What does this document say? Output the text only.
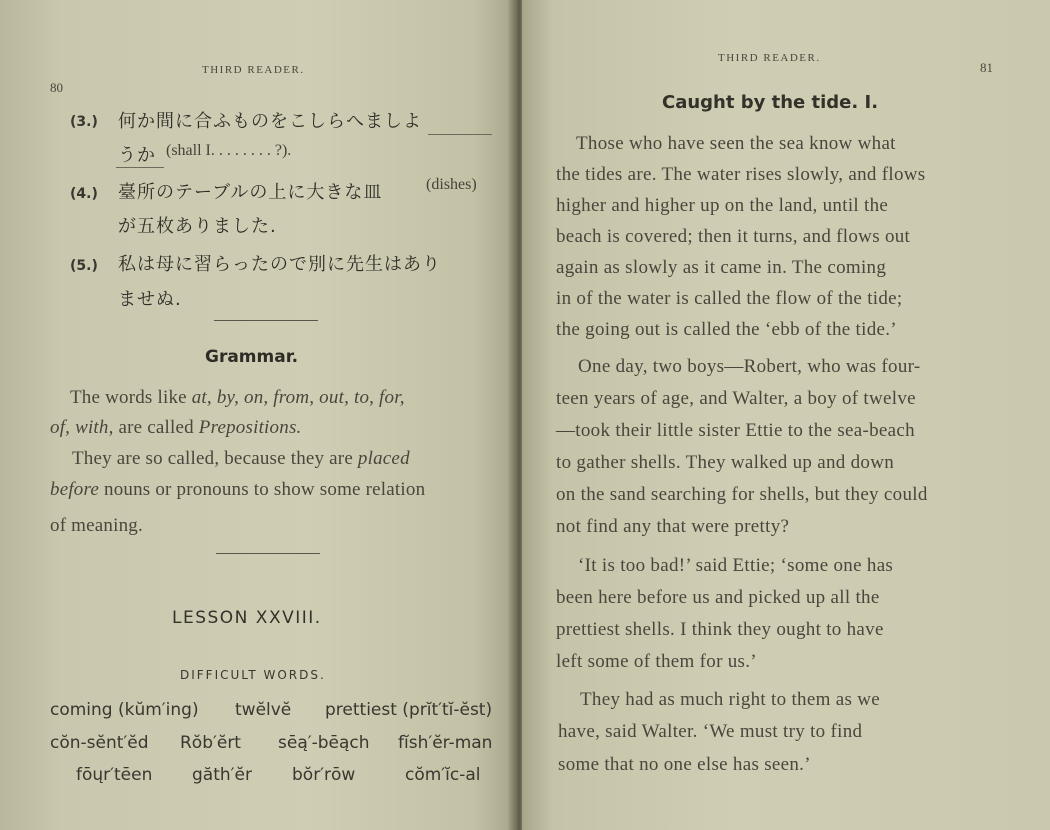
80
THIRD READER.
(3.) 何か間に合ふものをこしらへましよ
うか (shall I. . . . . . . . ?).
(4.) 臺所のテーブルの上に大きな皿	(dishes)
が五枚ありました.
(5.) 私は母に習らったので別に先生はあり
ませぬ.
Grammar.
The words like at, by, on, from, out, to, for,
of, with, are called Prepositions.
They are so called, because they are placed
before nouns or pronouns to show some relation
of meaning.
LESSON XXVIII.
DIFFICULT WORDS.
coming (kŭm′ing) twĕlvĕ prettiest (prĭt′tĭ-ĕst)
cŏn-sĕnt′ĕd Rŏb′ĕrt sēą′-bēąch fĭsh′ĕr-man
fōųr′tēen găth′ĕr bŏr′rōw	cŏm′ĭc-al
THIRD READER.
81
Caught by the tide. I.
Those who have seen the sea know what
the tides are. The water rises slowly, and flows
higher and higher up on the land, until the
beach is covered; then it turns, and flows out
again as slowly as it came in. The coming
in of the water is called the flow of the tide;
the going out is called the ‘ebb of the tide.’
One day, two boys—Robert, who was four-
teen years of age, and Walter, a boy of twelve
—took their little sister Ettie to the sea-beach
to gather shells. They walked up and down
on the sand searching for shells, but they could
not find any that were pretty?
‘It is too bad!’ said Ettie; ‘some one has
been here before us and picked up all the
prettiest shells. I think they ought to have
left some of them for us.’
They had as much right to them as we
have, said Walter. ‘We must try to find
some that no one else has seen.’
